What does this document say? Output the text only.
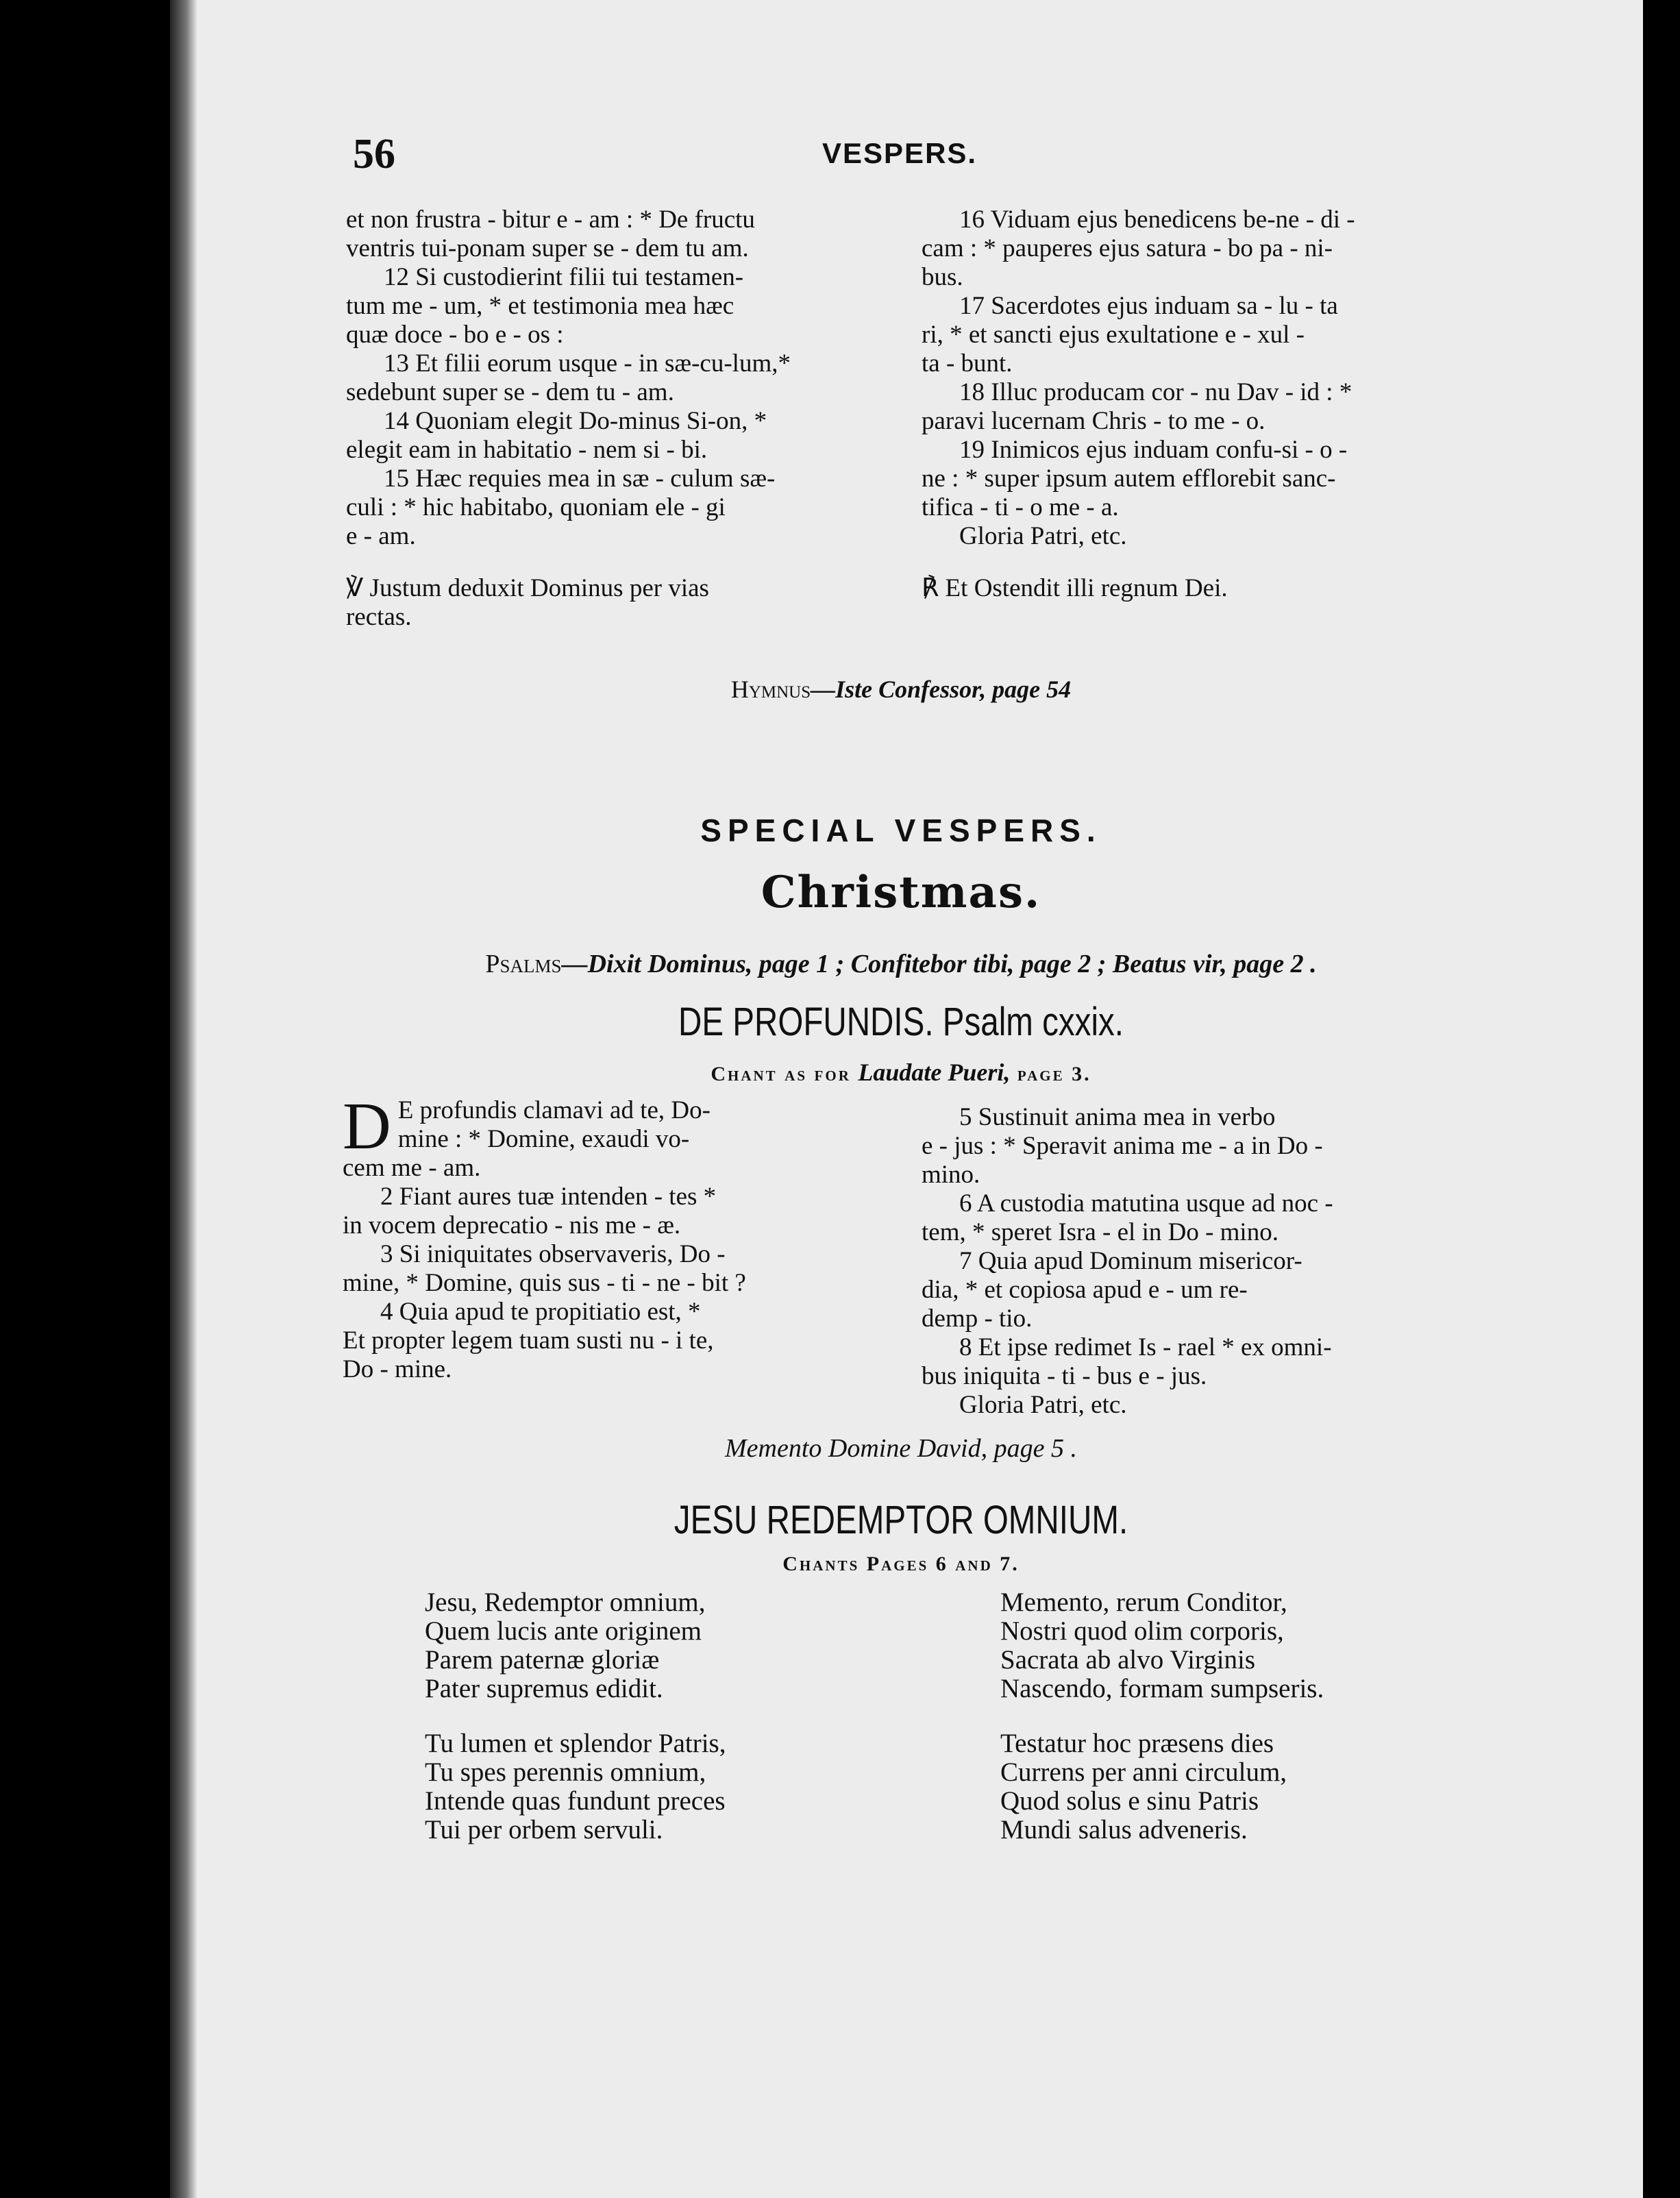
56	VESPERS.

et non frustra - bitur e - am : * De fructu

ventris tui-ponam super se - dem tu am.

12 Si custodierint filii tui testamen-

tum me - um, * et testimonia mea hæc

quæ doce - bo e - os :

13 Et filii eorum usque - in sæ-cu-lum,*

sedebunt super se - dem tu - am.

14 Quoniam elegit Do-minus Si-on, *

elegit eam in habitatio - nem si - bi.

15 Hæc requies mea in sæ - culum sæ-

culi : * hic habitabo, quoniam ele - gi

e - am.

℣ Justum deduxit Dominus per vias

rectas.

16 Viduam ejus benedicens be-ne - di -

cam : * pauperes ejus satura - bo pa - ni-

bus.

17 Sacerdotes ejus induam sa - lu - ta

ri, * et sancti ejus exultatione e - xul -

ta - bunt.

18 Illuc producam cor - nu Dav - id : *

paravi lucernam Chris - to me - o.

19 Inimicos ejus induam confu-si - o -

ne : * super ipsum autem efflorebit sanc-

tifica - ti - o me - a.

Gloria Patri, etc.

℟ Et Ostendit illi regnum Dei.

Hymnus—Iste Confessor, page 54
SPECIAL VESPERS.
Christmas.
Psalms—Dixit Dominus, page 1 ; Confitebor tibi, page 2 ; Beatus vir, page 2 .
DE PROFUNDIS. Psalm cxxix.
Chant as for Laudate Pueri, page 3.
D E profundis clamavi ad te, Do-

mine : * Domine, exaudi vo-

cem me - am.

2 Fiant aures tuæ intenden - tes *

in vocem deprecatio - nis me - æ.

3 Si iniquitates observaveris, Do -

mine, * Domine, quis sus - ti - ne - bit ?

4 Quia apud te propitiatio est, *

Et propter legem tuam susti nu - i te,

Do - mine.

5 Sustinuit anima mea in verbo

e - jus : * Speravit anima me - a in Do -

mino.

6 A custodia matutina usque ad noc -

tem, * speret Isra - el in Do - mino.

7 Quia apud Dominum misericor-

dia, * et copiosa apud e - um re-

demp - tio.

8 Et ipse redimet Is - rael * ex omni-

bus iniquita - ti - bus e - jus.

Gloria Patri, etc.

Memento Domine David, page 5 .
JESU REDEMPTOR OMNIUM.
Chants Pages 6 and 7.

Jesu, Redemptor omnium,

Quem lucis ante originem

Parem paternæ gloriæ

Pater supremus edidit.

Tu lumen et splendor Patris,

Tu spes perennis omnium,

Intende quas fundunt preces

Tui per orbem servuli.

Memento, rerum Conditor,

Nostri quod olim corporis,

Sacrata ab alvo Virginis

Nascendo, formam sumpseris.

Testatur hoc præsens dies

Currens per anni circulum,

Quod solus e sinu Patris

Mundi salus adveneris.
